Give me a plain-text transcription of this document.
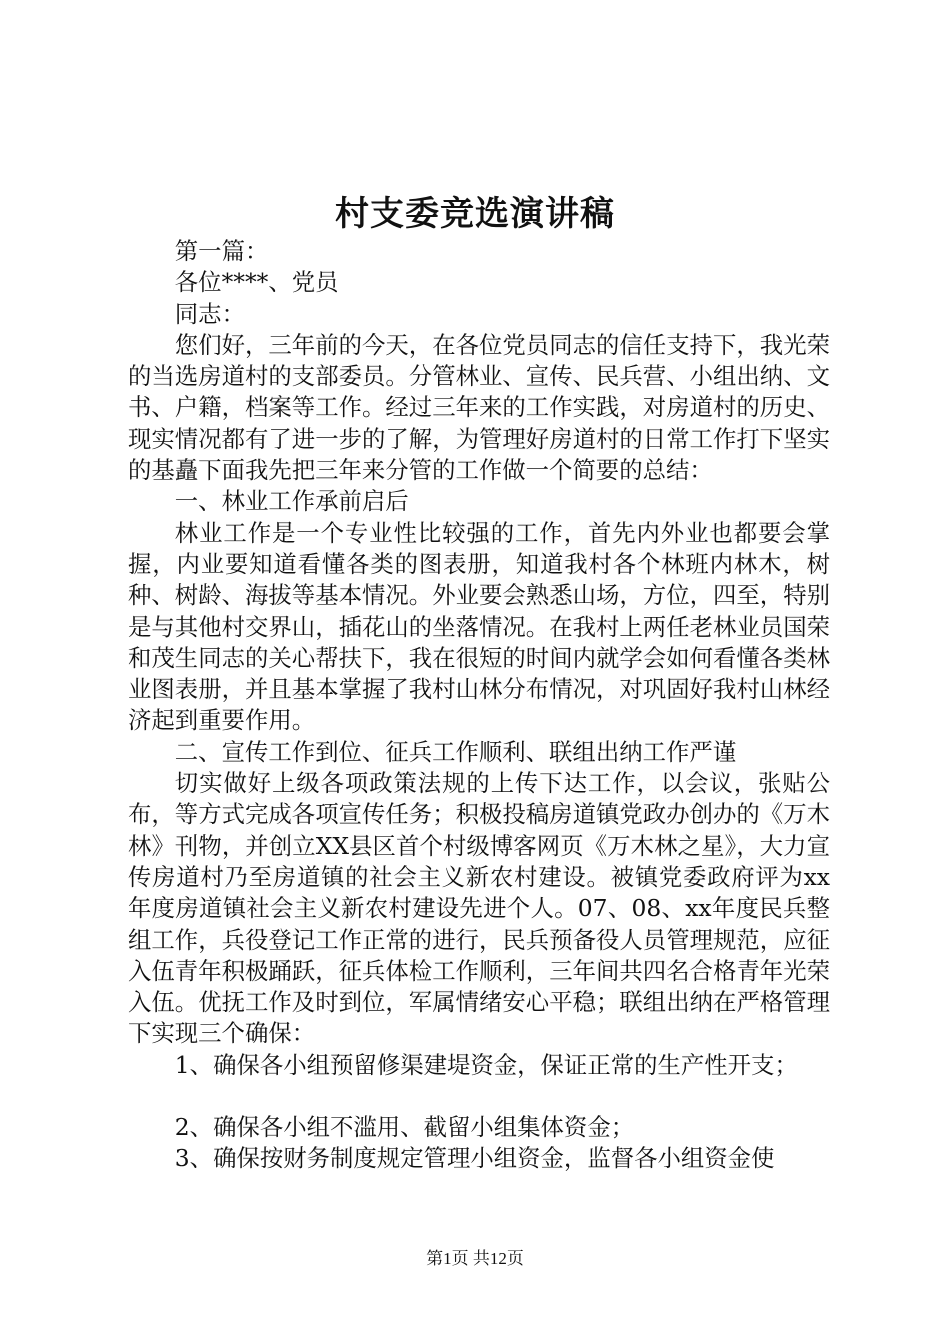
村支委竞选演讲稿

第一篇：

各位****、党员

同志：

您们好，三年前的今天，在各位党员同志的信任支持下，我光荣的当选房道村的支部委员。分管林业、宣传、民兵营、小组出纳、文书、户籍，档案等工作。经过三年来的工作实践，对房道村的历史、现实情况都有了进一步的了解，为管理好房道村的日常工作打下坚实的基矗下面我先把三年来分管的工作做一个简要的总结：

一、林业工作承前启后

林业工作是一个专业性比较强的工作，首先内外业也都要会掌握，内业要知道看懂各类的图表册，知道我村各个林班内林木，树种、树龄、海拔等基本情况。外业要会熟悉山场，方位，四至，特别是与其他村交界山，插花山的坐落情况。在我村上两任老林业员国荣和茂生同志的关心帮扶下，我在很短的时间内就学会如何看懂各类林业图表册，并且基本掌握了我村山林分布情况，对巩固好我村山林经济起到重要作用。

二、宣传工作到位、征兵工作顺利、联组出纳工作严谨

切实做好上级各项政策法规的上传下达工作，以会议，张贴公布，等方式完成各项宣传任务；积极投稿房道镇党政办创办的《万木林》刊物，并创立XX县区首个村级博客网页《万木林之星》，大力宣传房道村乃至房道镇的社会主义新农村建设。被镇党委政府评为xx年度房道镇社会主义新农村建设先进个人。07、08、xx年度民兵整组工作，兵役登记工作正常的进行，民兵预备役人员管理规范，应征入伍青年积极踊跃，征兵体检工作顺利，三年间共四名合格青年光荣入伍。优抚工作及时到位，军属情绪安心平稳；联组出纳在严格管理下实现三个确保：

1、确保各小组预留修渠建堤资金，保证正常的生产性开支；

2、确保各小组不滥用、截留小组集体资金；

3、确保按财务制度规定管理小组资金，监督各小组资金使

第1页 共12页
